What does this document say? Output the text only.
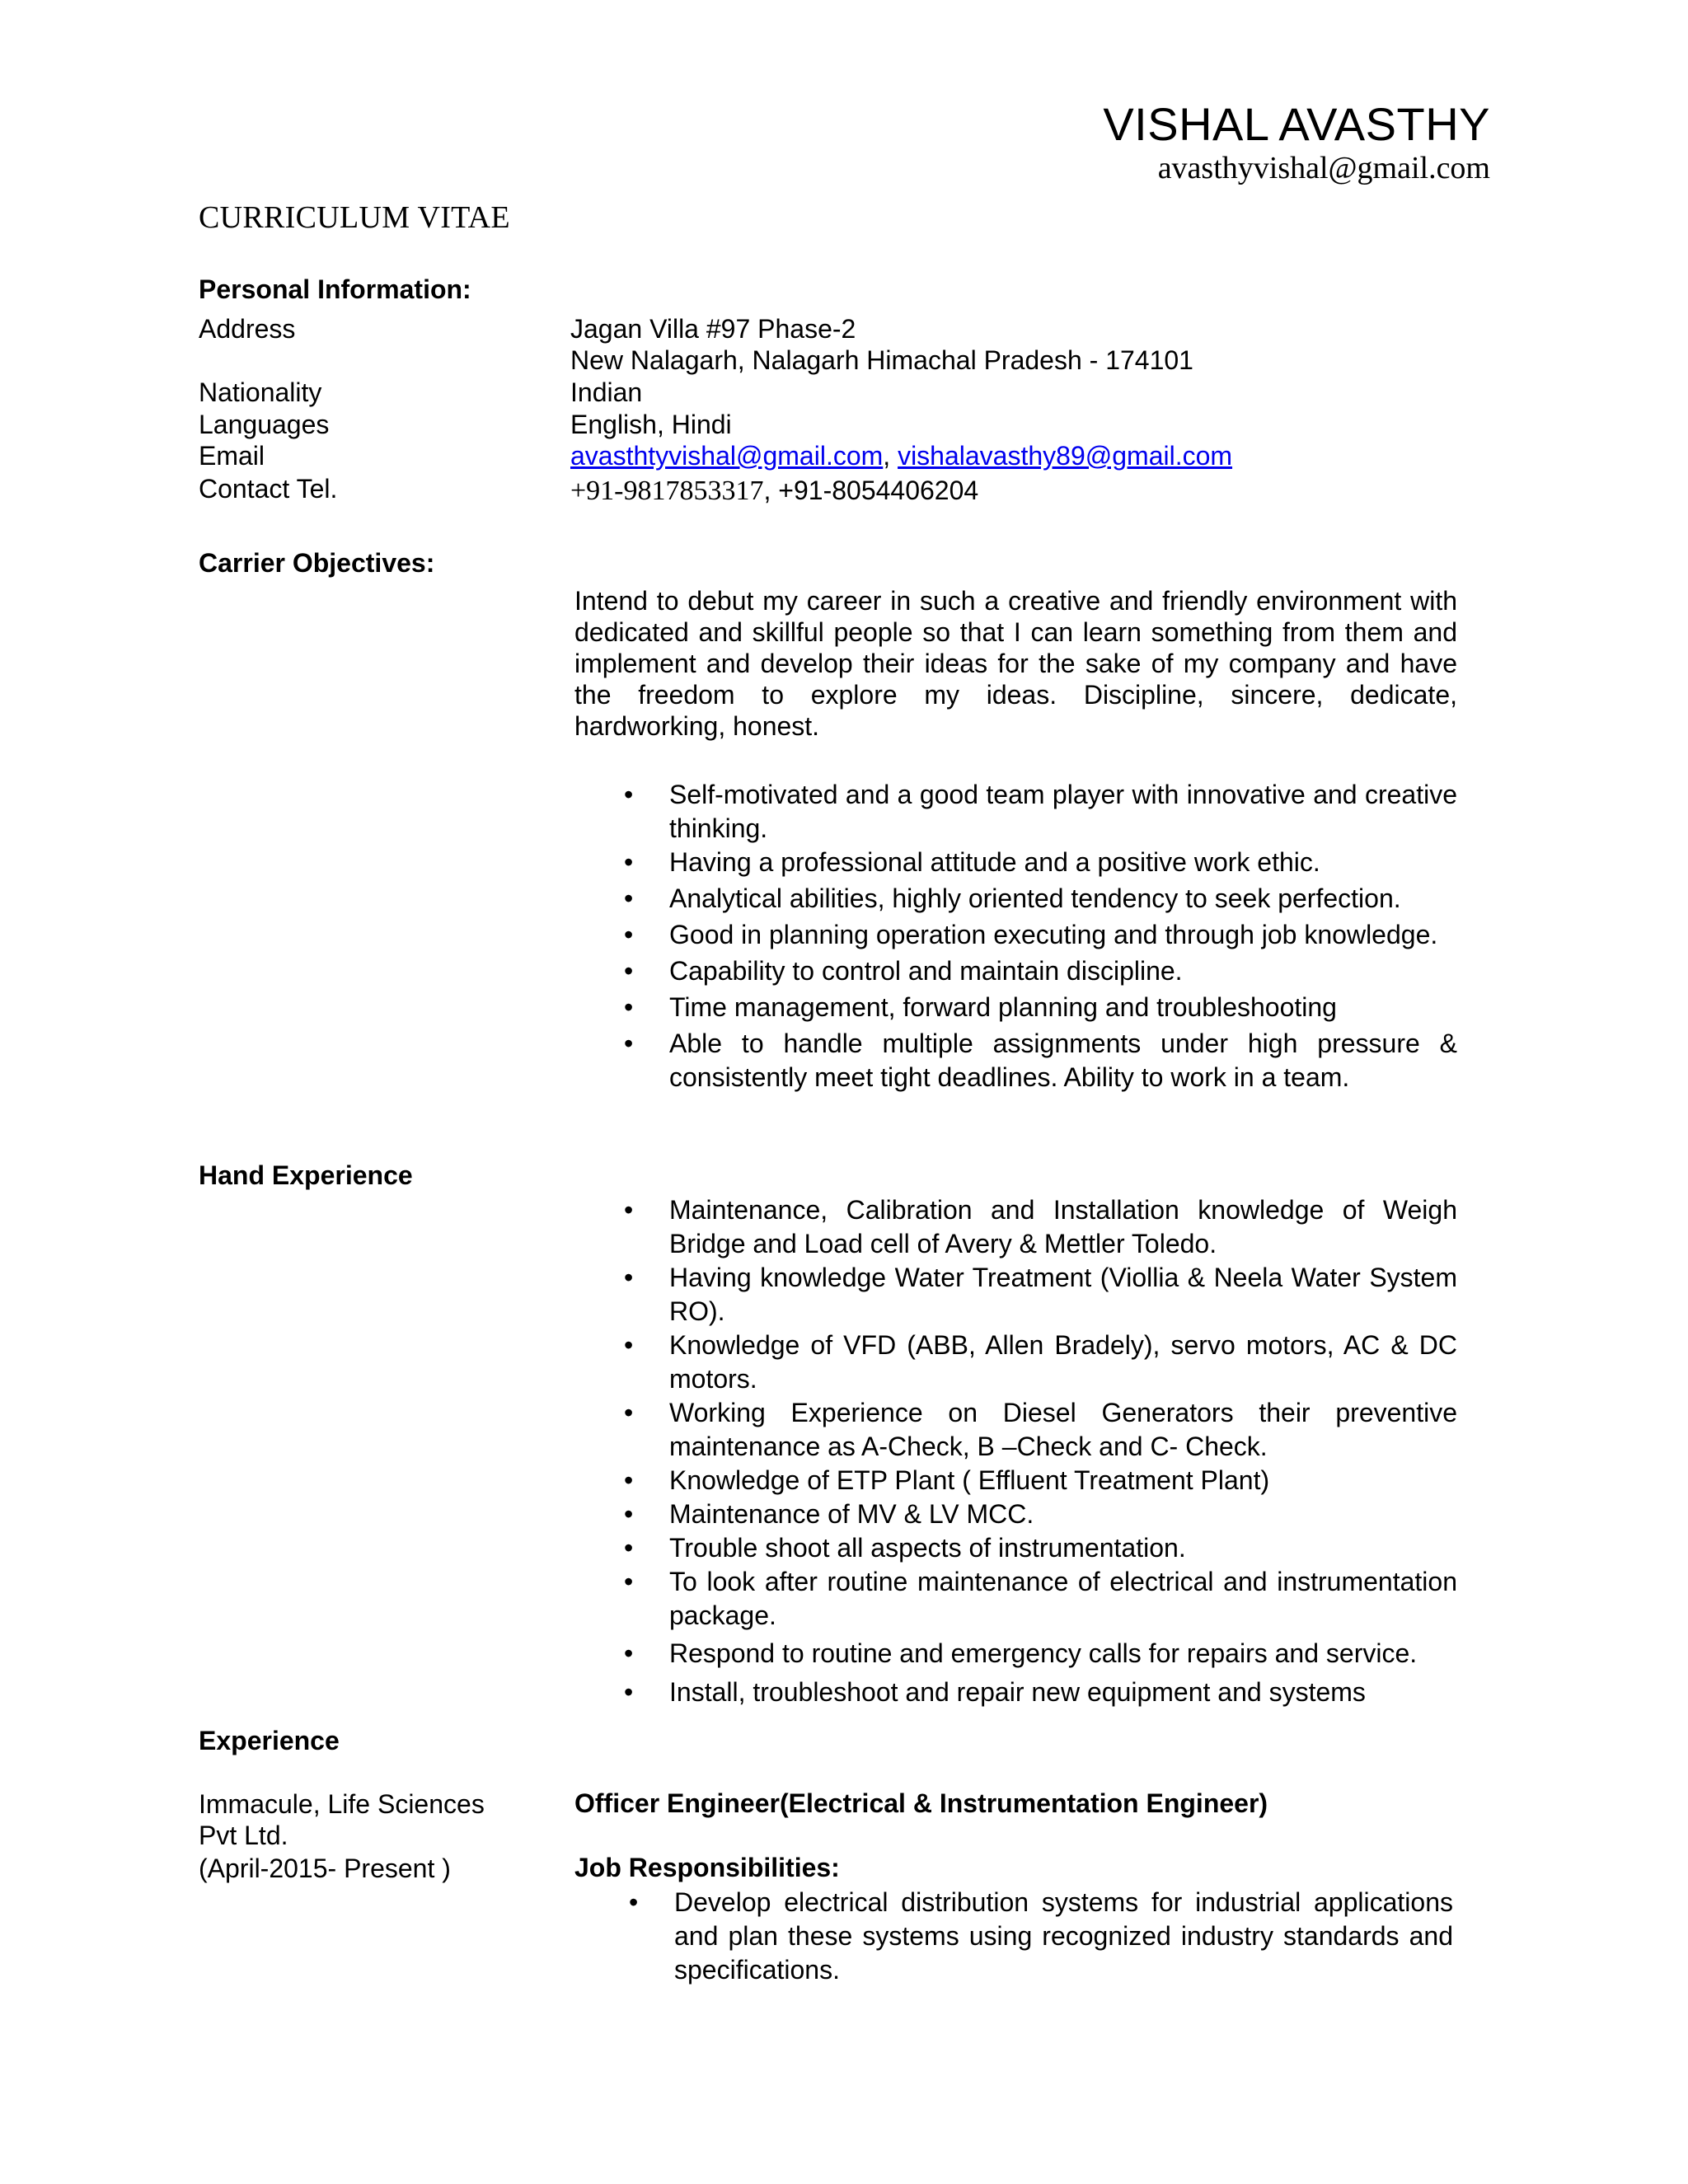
VISHAL AVASTHY
avasthyvishal@gmail.com
CURRICULUM VITAE
Personal Information:
Address	Jagan Villa #97 Phase-2
New Nalagarh, Nalagarh Himachal Pradesh - 174101
Nationality	Indian
Languages	English, Hindi
Email	avasthtyvishal@gmail.com, vishalavasthy89@gmail.com
Contact Tel.	+91-9817853317, +91-8054406204
Carrier Objectives:
Intend to debut my career in such a creative and friendly environment with dedicated and skillful people so that I can learn something from them and implement and develop their ideas for the sake of my company and have the freedom to explore my ideas. Discipline, sincere, dedicate, hardworking, honest.
• Self-motivated and a good team player with innovative and creative thinking.
• Having a professional attitude and a positive work ethic.
• Analytical abilities, highly oriented tendency to seek perfection.
• Good in planning operation executing and through job knowledge.
• Capability to control and maintain discipline.
• Time management, forward planning and troubleshooting
• Able to handle multiple assignments under high pressure & consistently meet tight deadlines. Ability to work in a team.
Hand Experience
• Maintenance, Calibration and Installation knowledge of Weigh Bridge and Load cell of Avery & Mettler Toledo.
• Having knowledge Water Treatment (Viollia & Neela Water System RO).
• Knowledge of VFD (ABB, Allen Bradely), servo motors, AC & DC motors.
• Working Experience on Diesel Generators their preventive maintenance as A-Check, B –Check and C- Check.
• Knowledge of ETP Plant ( Effluent Treatment Plant)
• Maintenance of MV & LV MCC.
• Trouble shoot all aspects of instrumentation.
• To look after routine maintenance of electrical and instrumentation package.
• Respond to routine and emergency calls for repairs and service.
• Install, troubleshoot and repair new equipment and systems
Experience
Immacule, Life Sciences
Pvt Ltd.
(April-2015- Present )
Officer Engineer(Electrical & Instrumentation Engineer)
Job Responsibilities:
• Develop electrical distribution systems for industrial applications and plan these systems using recognized industry standards and specifications.
